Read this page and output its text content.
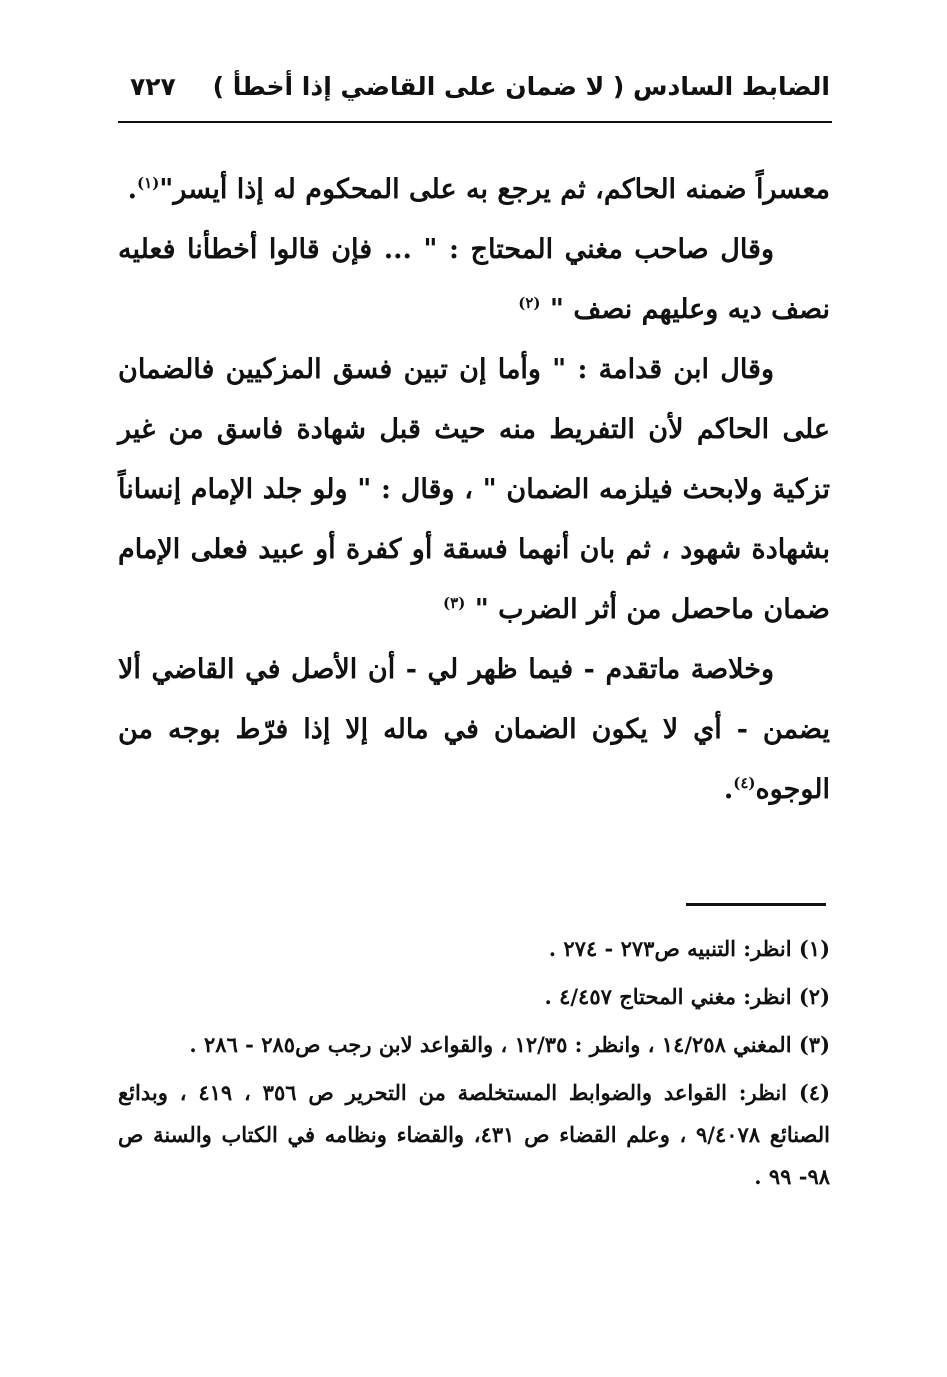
الضابط السادس ( لا ضمان على القاضي إذا أخطأ )
٧٢٧

معسراً ضمنه الحاكم، ثم يرجع به على المحكوم له إذا أيسر"$^{(١)}$.

وقال صاحب مغني المحتاج : " ... فإن قالوا أخطأنا فعليه نصف ديه وعليهم نصف " $^{(٢)}$

وقال ابن قدامة : " وأما إن تبين فسق المزكيين فالضمان على الحاكم لأن التفريط منه حيث قبل شهادة فاسق من غير تزكية ولابحث فيلزمه الضمان " ، وقال : " ولو جلد الإمام إنساناً بشهادة شهود ، ثم بان أنهما فسقة أو كفرة أو عبيد فعلى الإمام ضمان ماحصل من أثر الضرب " $^{(٣)}$

وخلاصة ماتقدم - فيما ظهر لي - أن الأصل في القاضي ألا يضمن - أي لا يكون الضمان في ماله إلا إذا فرّط بوجه من الوجوه$^{(٤)}$.

(١) انظر: التنبيه ص٢٧٣ - ٢٧٤ .

(٢) انظر: مغني المحتاج ٤/٤٥٧ .

(٣) المغني ١٤/٢٥٨ ، وانظر : ١٢/٣٥ ، والقواعد لابن رجب ص٢٨٥ - ٢٨٦ .

(٤) انظر: القواعد والضوابط المستخلصة من التحرير ص ٣٥٦ ، ٤١٩ ، وبدائع الصنائع ٩/٤٠٧٨ ، وعلم القضاء ص ٤٣١، والقضاء ونظامه في الكتاب والسنة ص ٩٨- ٩٩ .
